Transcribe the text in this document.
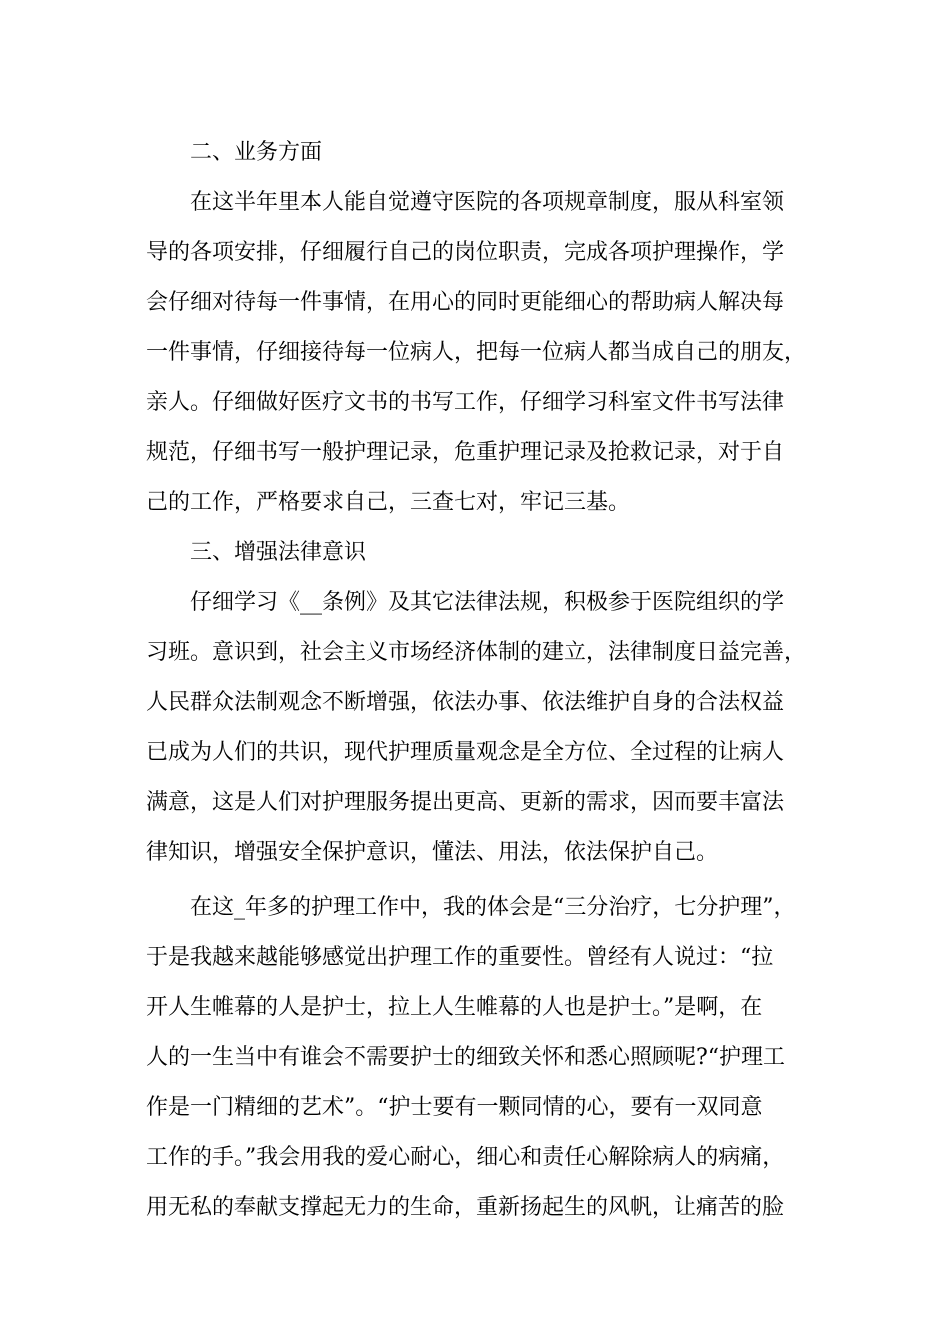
二、业务方面
在这半年里本人能自觉遵守医院的各项规章制度，服从科室领
导的各项安排，仔细履行自己的岗位职责，完成各项护理操作，学
会仔细对待每一件事情，在用心的同时更能细心的帮助病人解决每
一件事情，仔细接待每一位病人，把每一位病人都当成自己的朋友，
亲人。仔细做好医疗文书的书写工作，仔细学习科室文件书写法律
规范，仔细书写一般护理记录，危重护理记录及抢救记录，对于自
己的工作，严格要求自己，三查七对，牢记三基。
三、增强法律意识
仔细学习《__条例》及其它法律法规，积极参于医院组织的学
习班。意识到，社会主义市场经济体制的建立，法律制度日益完善，
人民群众法制观念不断增强，依法办事、依法维护自身的合法权益
已成为人们的共识，现代护理质量观念是全方位、全过程的让病人
满意，这是人们对护理服务提出更高、更新的需求，因而要丰富法
律知识，增强安全保护意识，懂法、用法，依法保护自己。
在这_年多的护理工作中，我的体会是“三分治疗，七分护理”，
于是我越来越能够感觉出护理工作的重要性。曾经有人说过：“拉
开人生帷幕的人是护士，拉上人生帷幕的人也是护士。”是啊，在
人的一生当中有谁会不需要护士的细致关怀和悉心照顾呢?“护理工
作是一门精细的艺术”。“护士要有一颗同情的心，要有一双同意
工作的手。”我会用我的爱心耐心，细心和责任心解除病人的病痛，
用无私的奉献支撑起无力的生命，重新扬起生的风帆，让痛苦的脸
